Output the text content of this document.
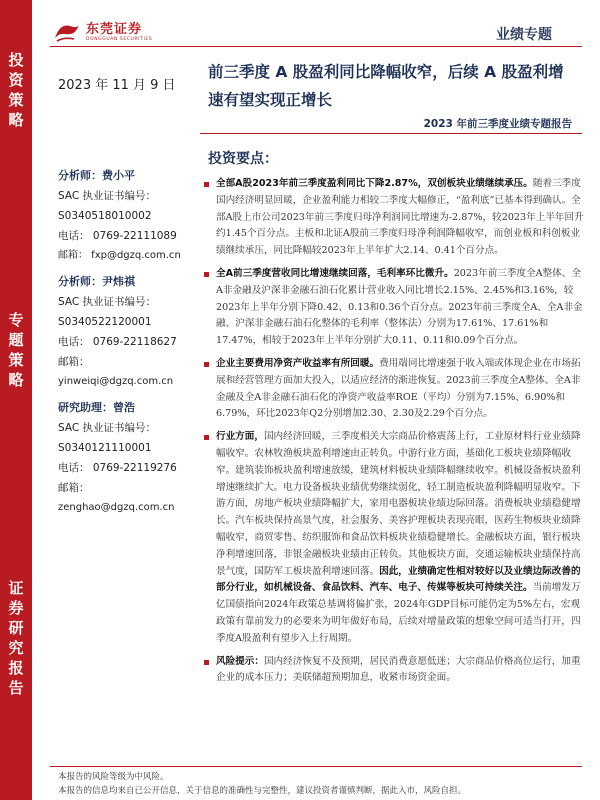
投
资
策
略
专
题
策
略
证
券
研
究
报
告
东莞证券
DONGGUAN SECURITIES	业绩专题
2023 年 11 月 9 日
前三季度 A 股盈利同比降幅收窄，后续 A 股盈利增速有望实现正增长
2023 年前三季度业绩专题报告
分析师：费小平
SAC 执业证书编号：
S0340518010002
电话： 0769-22111089
邮箱： fxp@dgzq.com.cn
分析师：尹炜祺
SAC 执业证书编号：
S0340522120001
电话： 0769-22118627
邮箱：
yinweiqi@dgzq.com.cn
研究助理：曾浩
SAC 执业证书编号：
S0340121110001
电话： 0769-22119276
邮箱：
zenghao@dgzq.com.cn
投资要点：
全部A股2023年前三季度盈利同比下降2.87%，双创板块业绩继续承压。随着三季度国内经济明显回暖，企业盈利能力相较二季度大幅修正，“盈利底”已基本得到确认。全部A股上市公司2023年前三季度归母净利润同比增速为-2.87%，较2023年上半年回升约1.45个百分点。主板和北证A股前三季度归母净利润降幅收窄，而创业板和科创板业绩继续承压，同比降幅较2023年上半年扩大2.14、0.41个百分点。
全A前三季度营收同比增速继续回落，毛利率环比微升。2023年前三季度全A整体、全A非金融及沪深非金融石油石化累计营业收入同比增长2.15%、2.45%和3.16%，较2023年上半年分别下降0.42、0.13和0.36个百分点。2023年前三季度全A、全A非金融、沪深非金融石油石化整体的毛利率（整体法）分别为17.61%、17.61%和17.47%，相较于2023年上半年分别扩大0.11、0.11和0.09个百分点。
企业主要费用净资产收益率有所回暖。费用端同比增速强于收入端或体现企业在市场拓展和经营管理方面加大投入，以适应经济的渐进恢复。2023前三季度全A整体、全A非金融及全A非金融石油石化的净资产收益率ROE（平均）分别为7.15%、6.90%和6.79%，环比2023年Q2分别增加2.30、2.30及2.29个百分点。
行业方面，国内经济回暖，三季度相关大宗商品价格震荡上行，工业原材料行业业绩降幅收窄。农林牧渔板块盈利增速由正转负。中游行业方面，基础化工板块业绩降幅收窄。建筑装饰板块盈利增速放缓，建筑材料板块业绩降幅继续收窄。机械设备板块盈利增速继续扩大。电力设备板块业绩优势继续弱化，轻工制造板块盈利降幅明显收窄。下游方面，房地产板块业绩降幅扩大，家用电器板块业绩边际回落。消费板块业绩稳健增长。汽车板块保持高景气度，社会服务、美容护理板块表现亮眼，医药生物板块业绩降幅收窄，商贸零售、纺织服饰和食品饮料板块业绩稳健增长。金融板块方面，银行板块净利增速回落，非银金融板块业绩由正转负。其他板块方面，交通运输板块业绩保持高景气度，国防军工板块盈利增速回落。因此，业绩确定性相对较好以及业绩边际改善的部分行业，如机械设备、食品饮料、汽车、电子、传媒等板块可持续关注。当前增发万亿国债指向2024年政策总基调将偏扩张，2024年GDP目标可能仍定为5%左右，宏观政策有靠前发力的必要来为明年做好布局，后续对增量政策的想象空间可适当打开，四季度A股盈利有望步入上行周期。
风险提示：国内经济恢复不及预期，居民消费意愿低迷；大宗商品价格高位运行，加重企业的成本压力；美联储超预期加息，收紧市场资金面。
本报告的风险等级为中风险。
本报告的信息均来自已公开信息，关于信息的准确性与完整性，建议投资者谨慎判断，据此入市，风险自担。
